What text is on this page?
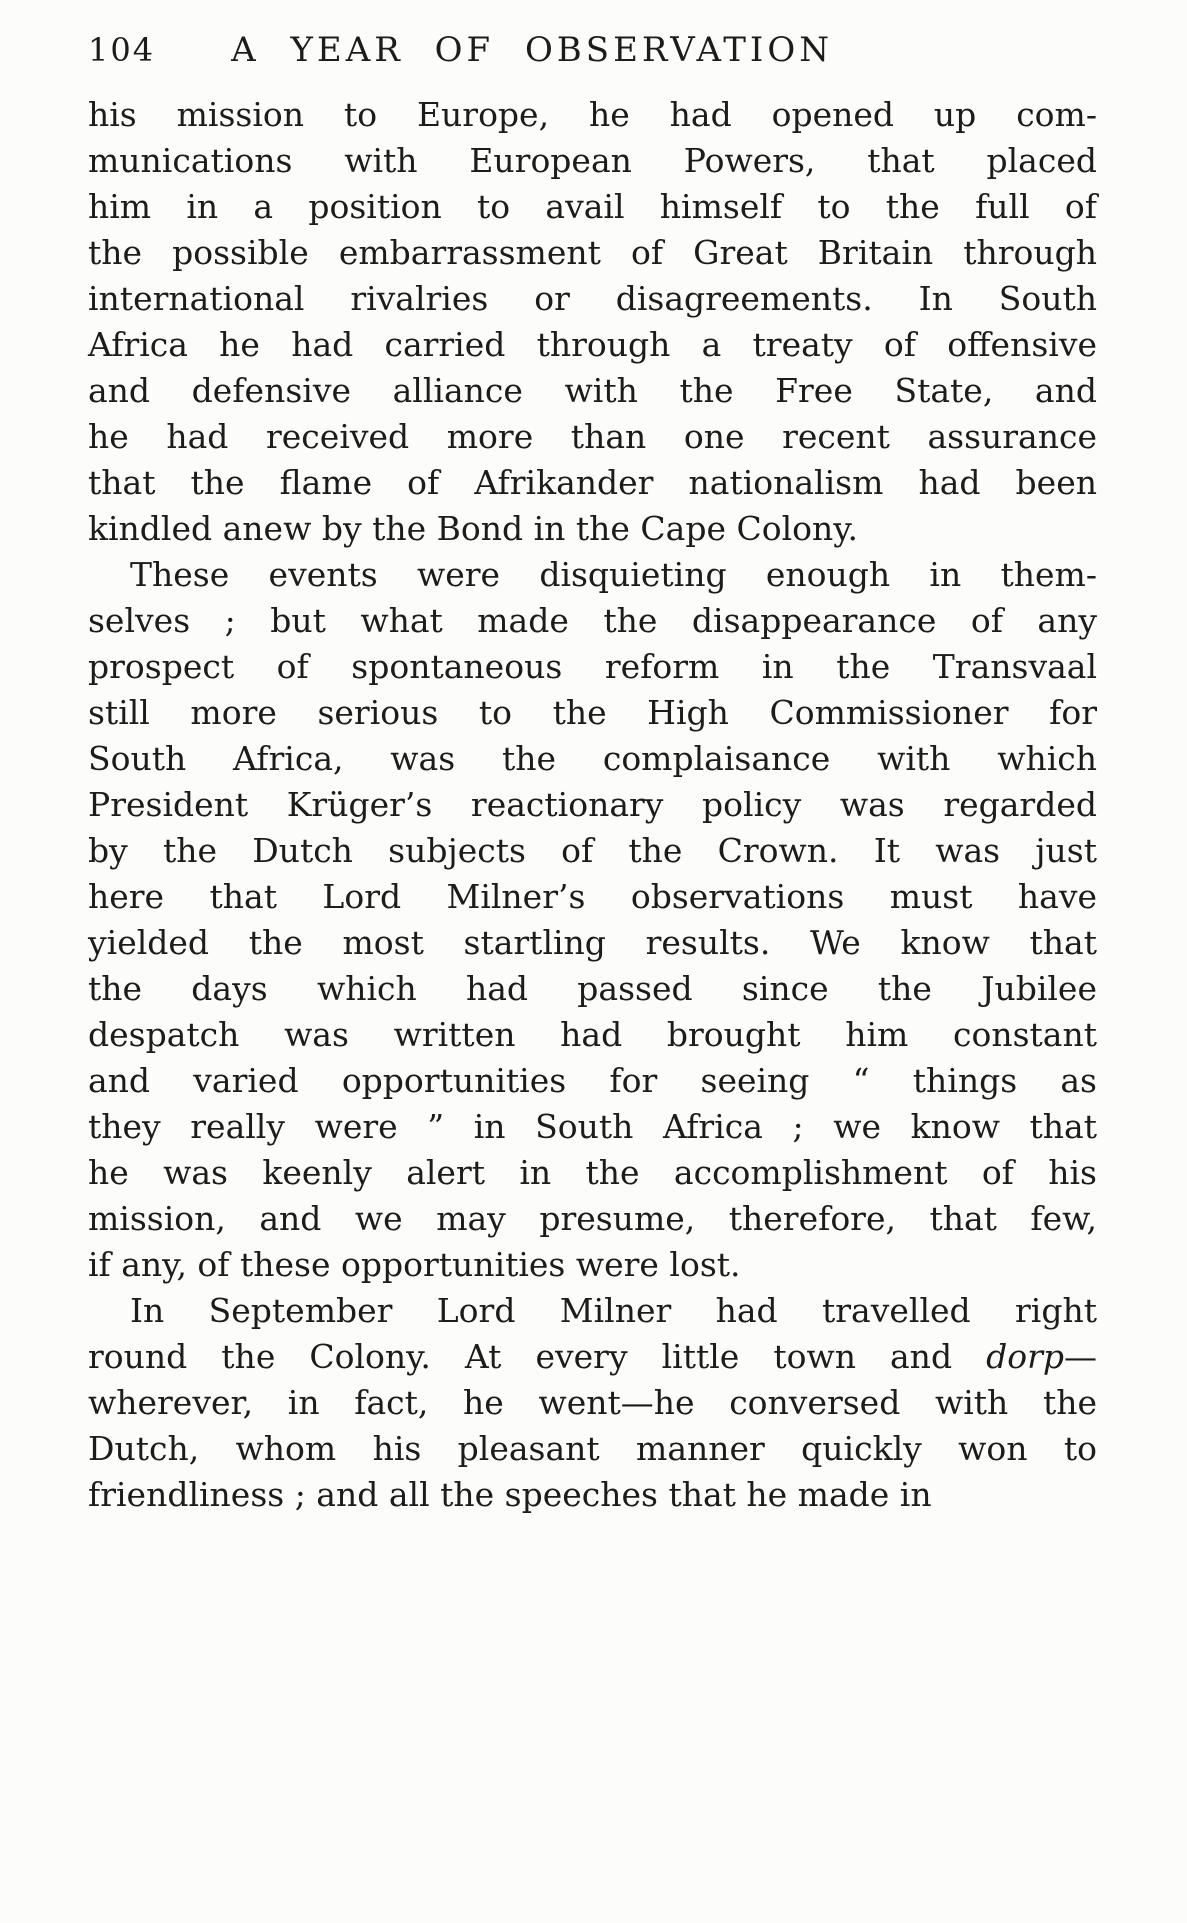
104 A YEAR OF OBSERVATION
his mission to Europe, he had opened up com-
munications with European Powers, that placed
him in a position to avail himself to the full of
the possible embarrassment of Great Britain through
international rivalries or disagreements. In South
Africa he had carried through a treaty of offensive
and defensive alliance with the Free State, and
he had received more than one recent assurance
that the flame of Afrikander nationalism had been
kindled anew by the Bond in the Cape Colony.
These events were disquieting enough in them-
selves ; but what made the disappearance of any
prospect of spontaneous reform in the Transvaal
still more serious to the High Commissioner for
South Africa, was the complaisance with which
President Krüger’s reactionary policy was regarded
by the Dutch subjects of the Crown. It was just
here that Lord Milner’s observations must have
yielded the most startling results. We know that
the days which had passed since the Jubilee
despatch was written had brought him constant
and varied opportunities for seeing “ things as
they really were ” in South Africa ; we know that
he was keenly alert in the accomplishment of his
mission, and we may presume, therefore, that few,
if any, of these opportunities were lost.
In September Lord Milner had travelled right
round the Colony. At every little town and dorp—
wherever, in fact, he went—he conversed with the
Dutch, whom his pleasant manner quickly won to
friendliness ; and all the speeches that he made in
